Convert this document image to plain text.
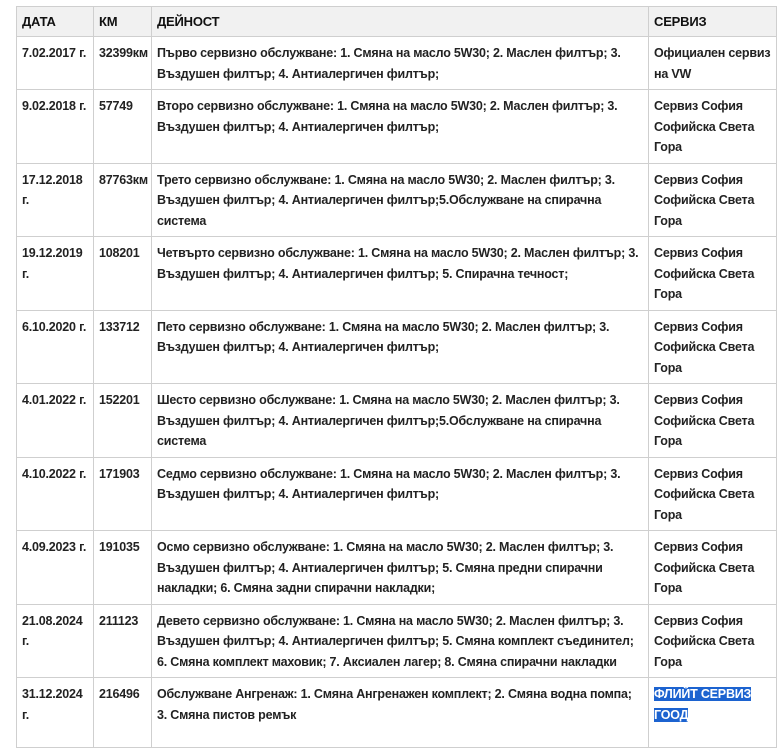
ДАТА	КМ	ДЕЙНОСТ	СЕРВИЗ
7.02.2017 г.	32399км	Първо сервизно обслужване: 1. Смяна на масло 5W30; 2. Маслен филтър; 3. Въздушен филтър; 4. Антиалергичен филтър;	Официален сервиз на VW
9.02.2018 г.	57749	Второ сервизно обслужване: 1. Смяна на масло 5W30; 2. Маслен филтър; 3. Въздушен филтър; 4. Антиалергичен филтър;	Сервиз София Софийска Света Гора
17.12.2018 г.	87763км	Трето сервизно обслужване: 1. Смяна на масло 5W30; 2. Маслен филтър; 3. Въздушен филтър; 4. Антиалергичен филтър;5.Обслужване на спирачна система	Сервиз София Софийска Света Гора
19.12.2019 г.	108201	Четвърто сервизно обслужване: 1. Смяна на масло 5W30; 2. Маслен филтър; 3. Въздушен филтър; 4. Антиалергичен филтър; 5. Спирачна течност;	Сервиз София Софийска Света Гора
6.10.2020 г.	133712	Пето сервизно обслужване: 1. Смяна на масло 5W30; 2. Маслен филтър; 3. Въздушен филтър; 4. Антиалергичен филтър;	Сервиз София Софийска Света Гора
4.01.2022 г.	152201	Шесто сервизно обслужване: 1. Смяна на масло 5W30; 2. Маслен филтър; 3. Въздушен филтър; 4. Антиалергичен филтър;5.Обслужване на спирачна система	Сервиз София Софийска Света Гора
4.10.2022 г.	171903	Седмо сервизно обслужване: 1. Смяна на масло 5W30; 2. Маслен филтър; 3. Въздушен филтър; 4. Антиалергичен филтър;	Сервиз София Софийска Света Гора
4.09.2023 г.	191035	Осмо сервизно обслужване: 1. Смяна на масло 5W30; 2. Маслен филтър; 3. Въздушен филтър; 4. Антиалергичен филтър; 5. Смяна предни спирачни накладки; 6. Смяна задни спирачни накладки;	Сервиз София Софийска Света Гора
21.08.2024 г.	211123	Девето сервизно обслужване: 1. Смяна на масло 5W30; 2. Маслен филтър; 3. Въздушен филтър; 4. Антиалергичен филтър; 5. Смяна комплект съединител; 6. Смяна комплект маховик; 7. Аксиален лагер; 8. Смяна спирачни накладки	Сервиз София Софийска Света Гора
31.12.2024 г.	216496	Обслужване Ангренаж: 1. Смяна Ангренажен комплект; 2. Смяна водна помпа; 3. Смяна пистов ремък	ФЛИЙТ СЕРВИЗ ГООД
